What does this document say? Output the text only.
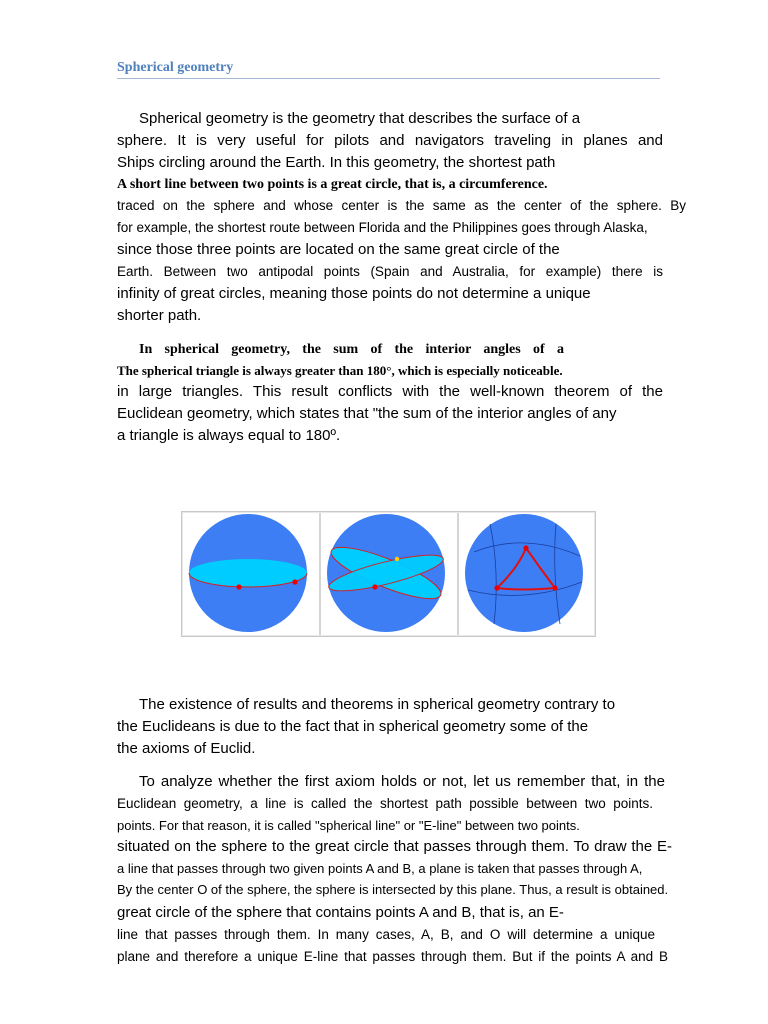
Spherical geometry
Spherical geometry is the geometry that describes the surface of a
sphere. It is very useful for pilots and navigators traveling in planes and
Ships circling around the Earth. In this geometry, the shortest path
A short line between two points is a great circle, that is, a circumference.
traced on the sphere and whose center is the same as the center of the sphere. By
for example, the shortest route between Florida and the Philippines goes through Alaska,
since those three points are located on the same great circle of the
Earth. Between two antipodal points (Spain and Australia, for example) there is
infinity of great circles, meaning those points do not determine a unique
shorter path.
In spherical geometry, the sum of the interior angles of a
The spherical triangle is always greater than 180°, which is especially noticeable.
in large triangles. This result conflicts with the well-known theorem of the
Euclidean geometry, which states that "the sum of the interior angles of any
a triangle is always equal to 180º.
The existence of results and theorems in spherical geometry contrary to
the Euclideans is due to the fact that in spherical geometry some of the
the axioms of Euclid.
To analyze whether the first axiom holds or not, let us remember that, in the
Euclidean geometry, a line is called the shortest path possible between two points.
points. For that reason, it is called "spherical line" or "E-line" between two points.
situated on the sphere to the great circle that passes through them. To draw the E-
a line that passes through two given points A and B, a plane is taken that passes through A,
By the center O of the sphere, the sphere is intersected by this plane. Thus, a result is obtained.
great circle of the sphere that contains points A and B, that is, an E-
line that passes through them. In many cases, A, B, and O will determine a unique
plane and therefore a unique E-line that passes through them. But if the points A and B
